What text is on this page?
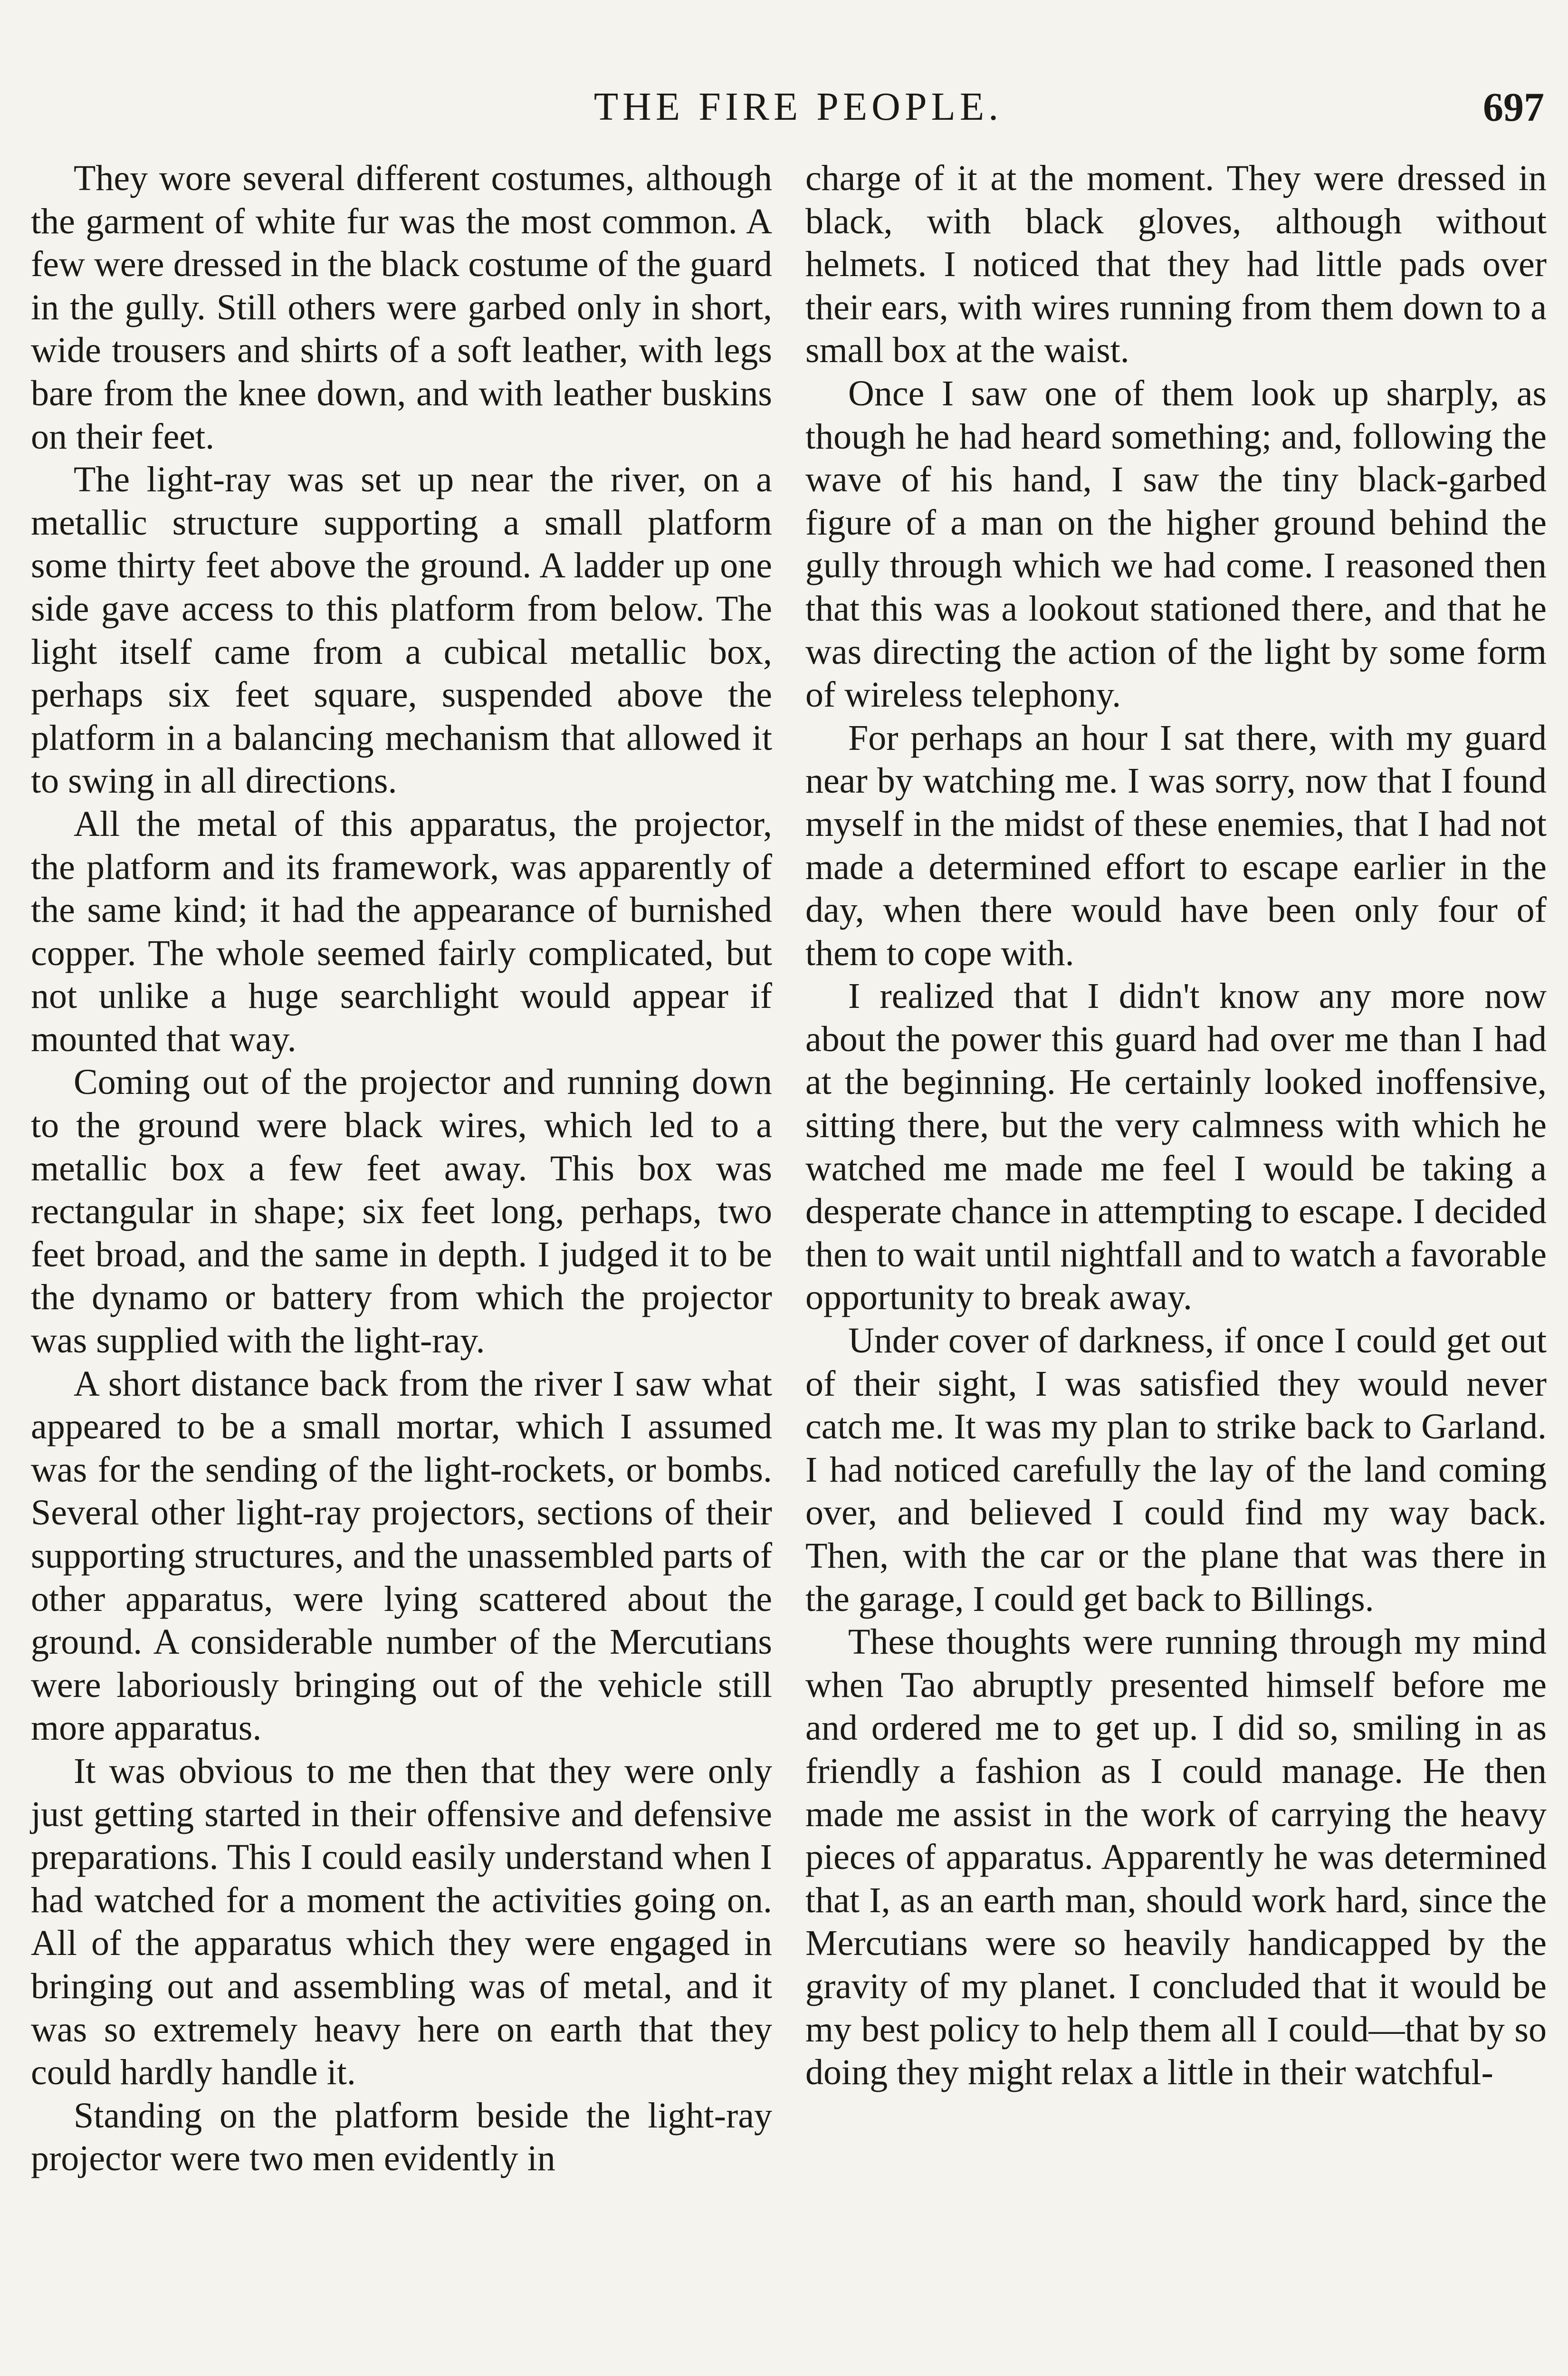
THE FIRE PEOPLE.	697

They wore several different costumes, although the garment of white fur was the most common. A few were dressed in the black costume of the guard in the gully. Still others were garbed only in short, wide trousers and shirts of a soft leather, with legs bare from the knee down, and with leather buskins on their feet.

The light-ray was set up near the river, on a metallic structure supporting a small platform some thirty feet above the ground. A ladder up one side gave access to this platform from below. The light itself came from a cubical metallic box, perhaps six feet square, suspended above the platform in a balancing mechanism that allowed it to swing in all directions.

All the metal of this apparatus, the projector, the platform and its framework, was apparently of the same kind; it had the appearance of burnished copper. The whole seemed fairly complicated, but not unlike a huge searchlight would appear if mounted that way.

Coming out of the projector and running down to the ground were black wires, which led to a metallic box a few feet away. This box was rectangular in shape; six feet long, perhaps, two feet broad, and the same in depth. I judged it to be the dynamo or battery from which the projector was supplied with the light-ray.

A short distance back from the river I saw what appeared to be a small mortar, which I assumed was for the sending of the light-rockets, or bombs. Several other light-ray projectors, sections of their supporting structures, and the unassembled parts of other apparatus, were lying scattered about the ground. A considerable number of the Mercutians were laboriously bringing out of the vehicle still more apparatus.

It was obvious to me then that they were only just getting started in their offensive and defensive preparations. This I could easily understand when I had watched for a moment the activities going on. All of the apparatus which they were engaged in bringing out and assembling was of metal, and it was so extremely heavy here on earth that they could hardly handle it.

Standing on the platform beside the light-ray projector were two men evidently in

charge of it at the moment. They were dressed in black, with black gloves, although without helmets. I noticed that they had little pads over their ears, with wires running from them down to a small box at the waist.

Once I saw one of them look up sharply, as though he had heard something; and, following the wave of his hand, I saw the tiny black-garbed figure of a man on the higher ground behind the gully through which we had come. I reasoned then that this was a lookout stationed there, and that he was directing the action of the light by some form of wireless telephony.

For perhaps an hour I sat there, with my guard near by watching me. I was sorry, now that I found myself in the midst of these enemies, that I had not made a determined effort to escape earlier in the day, when there would have been only four of them to cope with.

I realized that I didn't know any more now about the power this guard had over me than I had at the beginning. He certainly looked inoffensive, sitting there, but the very calmness with which he watched me made me feel I would be taking a desperate chance in attempting to escape. I decided then to wait until nightfall and to watch a favorable opportunity to break away.

Under cover of darkness, if once I could get out of their sight, I was satisfied they would never catch me. It was my plan to strike back to Garland. I had noticed carefully the lay of the land coming over, and believed I could find my way back. Then, with the car or the plane that was there in the garage, I could get back to Billings.

These thoughts were running through my mind when Tao abruptly presented himself before me and ordered me to get up. I did so, smiling in as friendly a fashion as I could manage. He then made me assist in the work of carrying the heavy pieces of apparatus. Apparently he was determined that I, as an earth man, should work hard, since the Mercutians were so heavily handicapped by the gravity of my planet. I concluded that it would be my best policy to help them all I could—that by so doing they might relax a little in their watchful-
